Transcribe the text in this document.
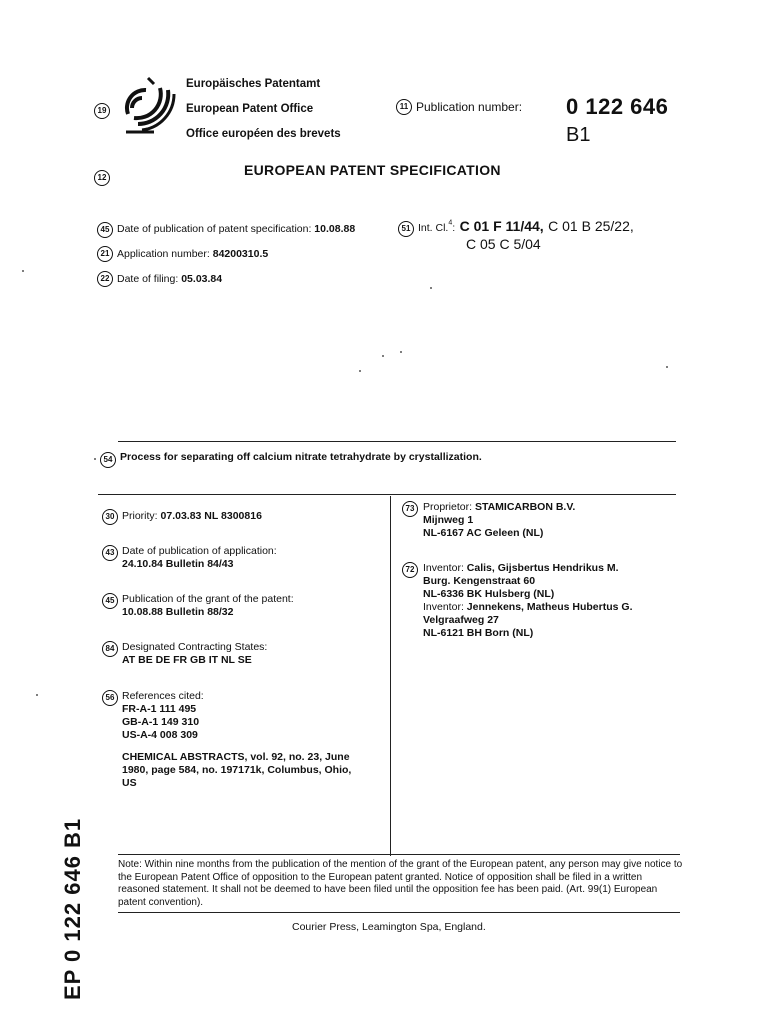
19
Europäisches Patentamt
European Patent Office
Office européen des brevets
11 Publication number: 0 122 646
B1
12	EUROPEAN PATENT SPECIFICATION
45 Date of publication of patent specification: 10.08.88
21 Application number: 84200310.5
22 Date of filing: 05.03.84
51 Int. Cl.$^4$: C 01 F 11/44, C 01 B 25/22,
C 05 C 5/04
54 Process for separating off calcium nitrate tetrahydrate by crystallization.
30 Priority: 07.03.83 NL 8300816
43 Date of publication of application:
24.10.84 Bulletin 84/43
45 Publication of the grant of the patent:
10.08.88 Bulletin 88/32
84 Designated Contracting States:
AT BE DE FR GB IT NL SE
56 References cited:
FR-A-1 111 495
GB-A-1 149 310
US-A-4 008 309
CHEMICAL ABSTRACTS, vol. 92, no. 23, June
1980, page 584, no. 197171k, Columbus, Ohio,
US
73 Proprietor: STAMICARBON B.V.
Mijnweg 1
NL-6167 AC Geleen (NL)
72 Inventor: Calis, Gijsbertus Hendrikus M.
Burg. Kengenstraat 60
NL-6336 BK Hulsberg (NL)
Inventor: Jennekens, Matheus Hubertus G.
Velgraafweg 27
NL-6121 BH Born (NL)
EP 0 122 646 B1	Note: Within nine months from the publication of the mention of the grant of the European patent, any person may give notice to the European Patent Office of opposition to the European patent granted. Notice of opposition shall be filed in a written reasoned statement. It shall not be deemed to have been filed until the opposition fee has been paid. (Art. 99(1) European patent convention).
Courier Press, Leamington Spa, England.
